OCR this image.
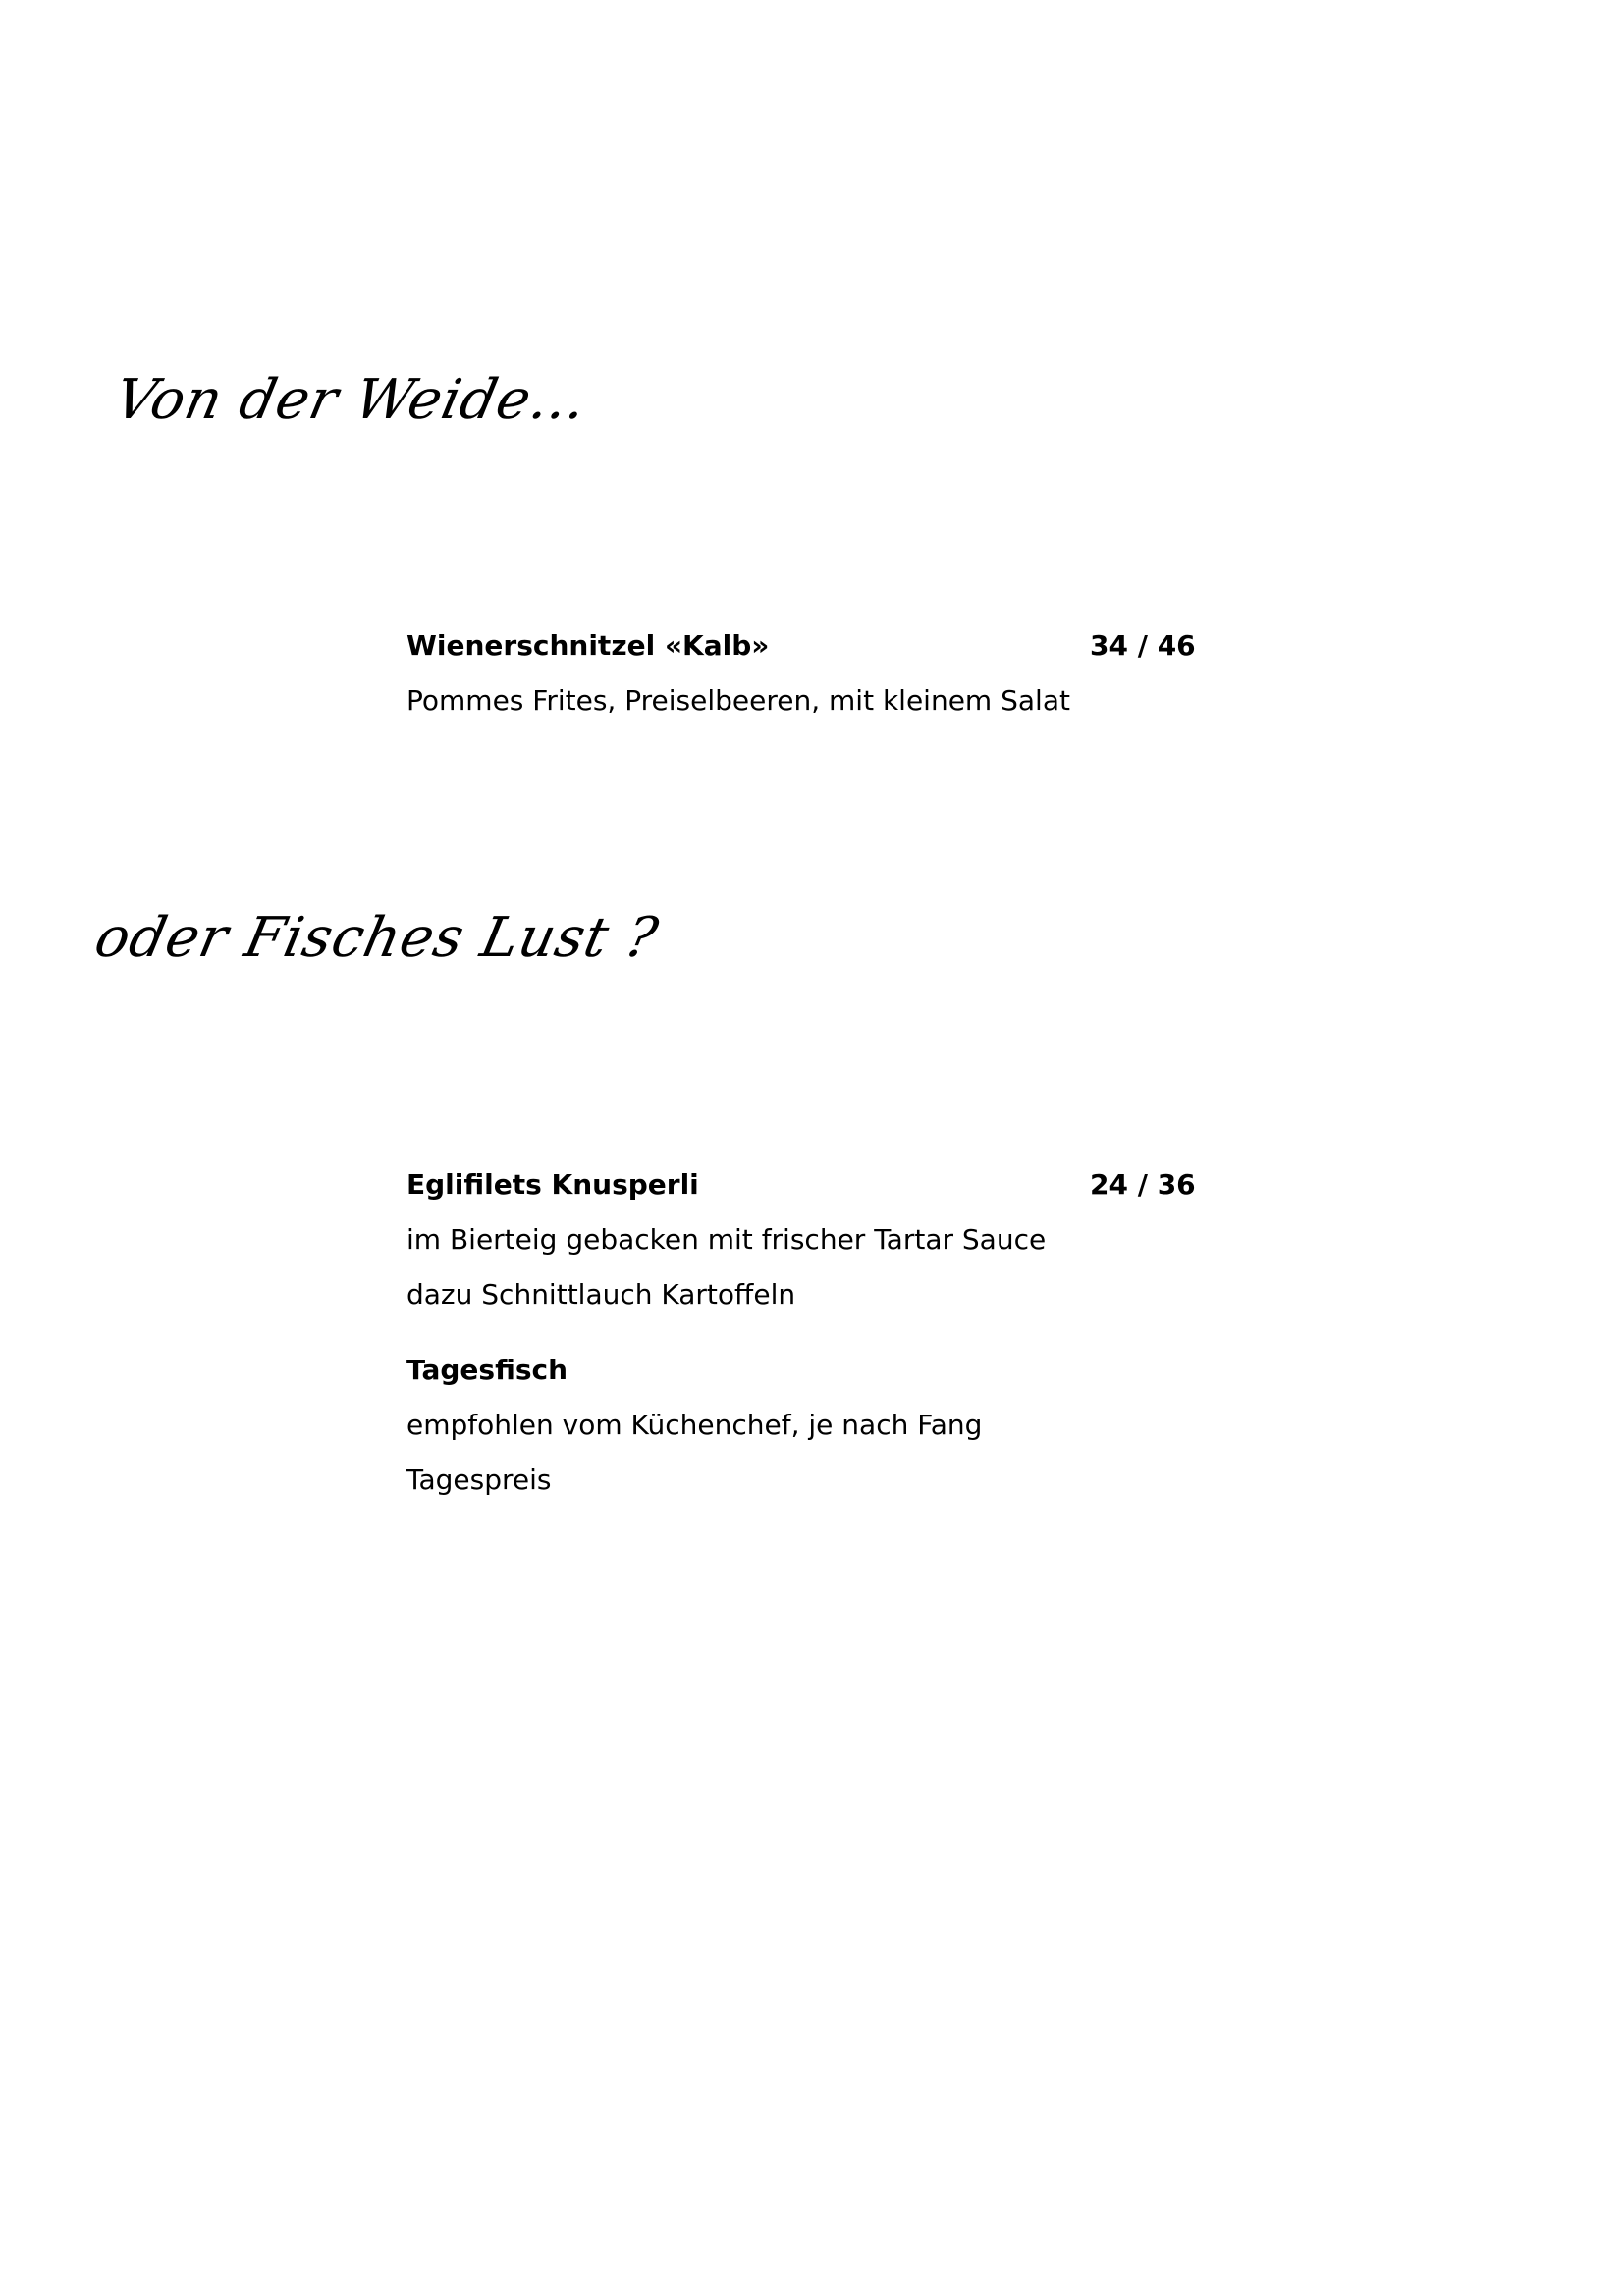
Von der Weide…
Wienerschnitzel «Kalb»	34 / 46
Pommes Frites, Preiselbeeren, mit kleinem Salat
oder Fisches Lust ?
Eglifilets Knusperli	24 / 36
im Bierteig gebacken mit frischer Tartar Sauce
dazu Schnittlauch Kartoffeln
Tagesfisch
empfohlen vom Küchenchef, je nach Fang
Tagespreis
